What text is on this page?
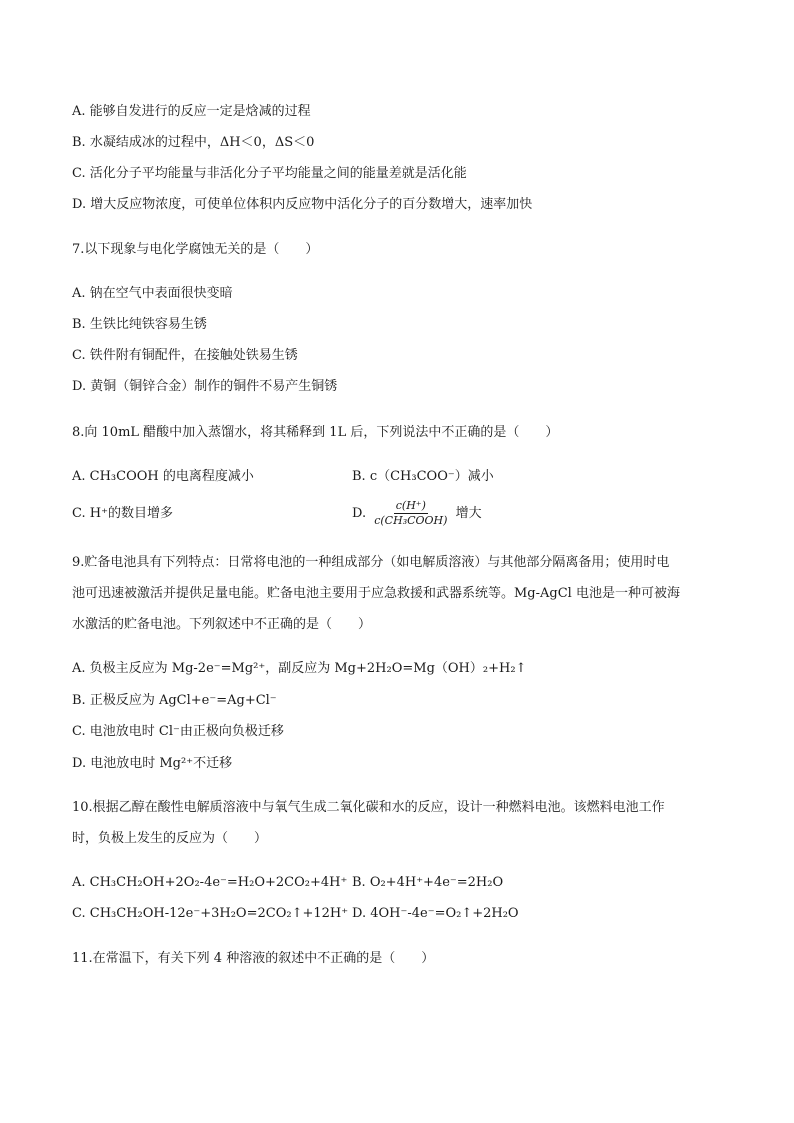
A. 能够自发进行的反应一定是焓减的过程
B. 水凝结成冰的过程中，ΔH＜0，ΔS＜0
C. 活化分子平均能量与非活化分子平均能量之间的能量差就是活化能
D. 增大反应物浓度，可使单位体积内反应物中活化分子的百分数增大，速率加快
7.以下现象与电化学腐蚀无关的是（　　）
A. 钠在空气中表面很快变暗
B. 生铁比纯铁容易生锈
C. 铁件附有铜配件，在接触处铁易生锈
D. 黄铜（铜锌合金）制作的铜件不易产生铜锈
8.向 10mL 醋酸中加入蒸馏水，将其稀释到 1L 后，下列说法中不正确的是（　　）
A. CH₃COOH 的电离程度减小	B. c（CH₃COO⁻）减小
C. H⁺的数目增多	D. $\frac{c(H^+)}{\text{c(CH₃COOH)}}$ 增大
9.贮备电池具有下列特点：日常将电池的一种组成部分（如电解质溶液）与其他部分隔离备用；使用时电
池可迅速被激活并提供足量电能。贮备电池主要用于应急救援和武器系统等。Mg-AgCl 电池是一种可被海
水激活的贮备电池。下列叙述中不正确的是（　　）
A. 负极主反应为 Mg-2e⁻=Mg²⁺，副反应为 Mg+2H₂O=Mg（OH）₂+H₂↑
B. 正极反应为 AgCl+e⁻=Ag+Cl⁻
C. 电池放电时 Cl⁻由正极向负极迁移
D. 电池放电时 Mg²⁺不迁移
10.根据乙醇在酸性电解质溶液中与氧气生成二氧化碳和水的反应，设计一种燃料电池。该燃料电池工作
时，负极上发生的反应为（　　）
A. CH₃CH₂OH+2O₂-4e⁻=H₂O+2CO₂+4H⁺ B. O₂+4H⁺+4e⁻=2H₂O
C. CH₃CH₂OH-12e⁻+3H₂O=2CO₂↑+12H⁺ D. 4OH⁻-4e⁻=O₂↑+2H₂O
11.在常温下，有关下列 4 种溶液的叙述中不正确的是（　　）
